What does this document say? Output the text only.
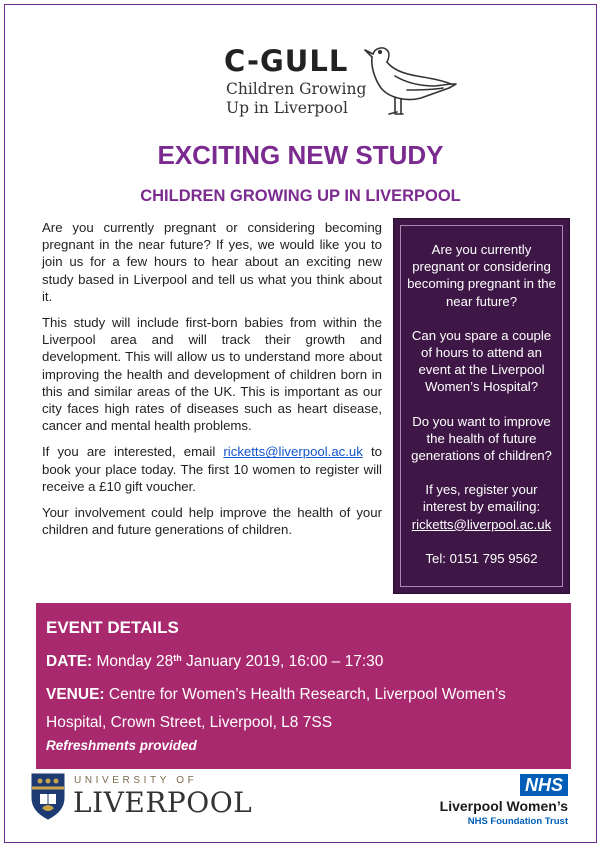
C-GULL
Children Growing
Up in Liverpool
EXCITING NEW STUDY
CHILDREN GROWING UP IN LIVERPOOL

Are you currently pregnant or considering becoming pregnant in the near future? If yes, we would like you to join us for a few hours to hear about an exciting new study based in Liverpool and tell us what you think about it.

This study will include first-born babies from within the Liverpool area and will track their growth and development. This will allow us to understand more about improving the health and development of children born in this and similar areas of the UK. This is important as our city faces high rates of diseases such as heart disease, cancer and mental health problems.

If you are interested, email ricketts@liverpool.ac.uk to book your place today. The first 10 women to register will receive a £10 gift voucher.

Your involvement could help improve the health of your children and future generations of children.

Are you currently pregnant or considering becoming pregnant in the near future?

Can you spare a couple of hours to attend an event at the Liverpool Women’s Hospital?

Do you want to improve the health of future generations of children?

If yes, register your interest by emailing:
ricketts@liverpool.ac.uk

Tel: 0151 795 9562

EVENT DETAILS
DATE: Monday 28th January 2019, 16:00 – 17:30
VENUE: Centre for Women’s Health Research, Liverpool Women’s Hospital, Crown Street, Liverpool, L8 7SS
Refreshments provided
UNIVERSITY OF
LIVERPOOL
NHS
Liverpool Women’s
NHS Foundation Trust
